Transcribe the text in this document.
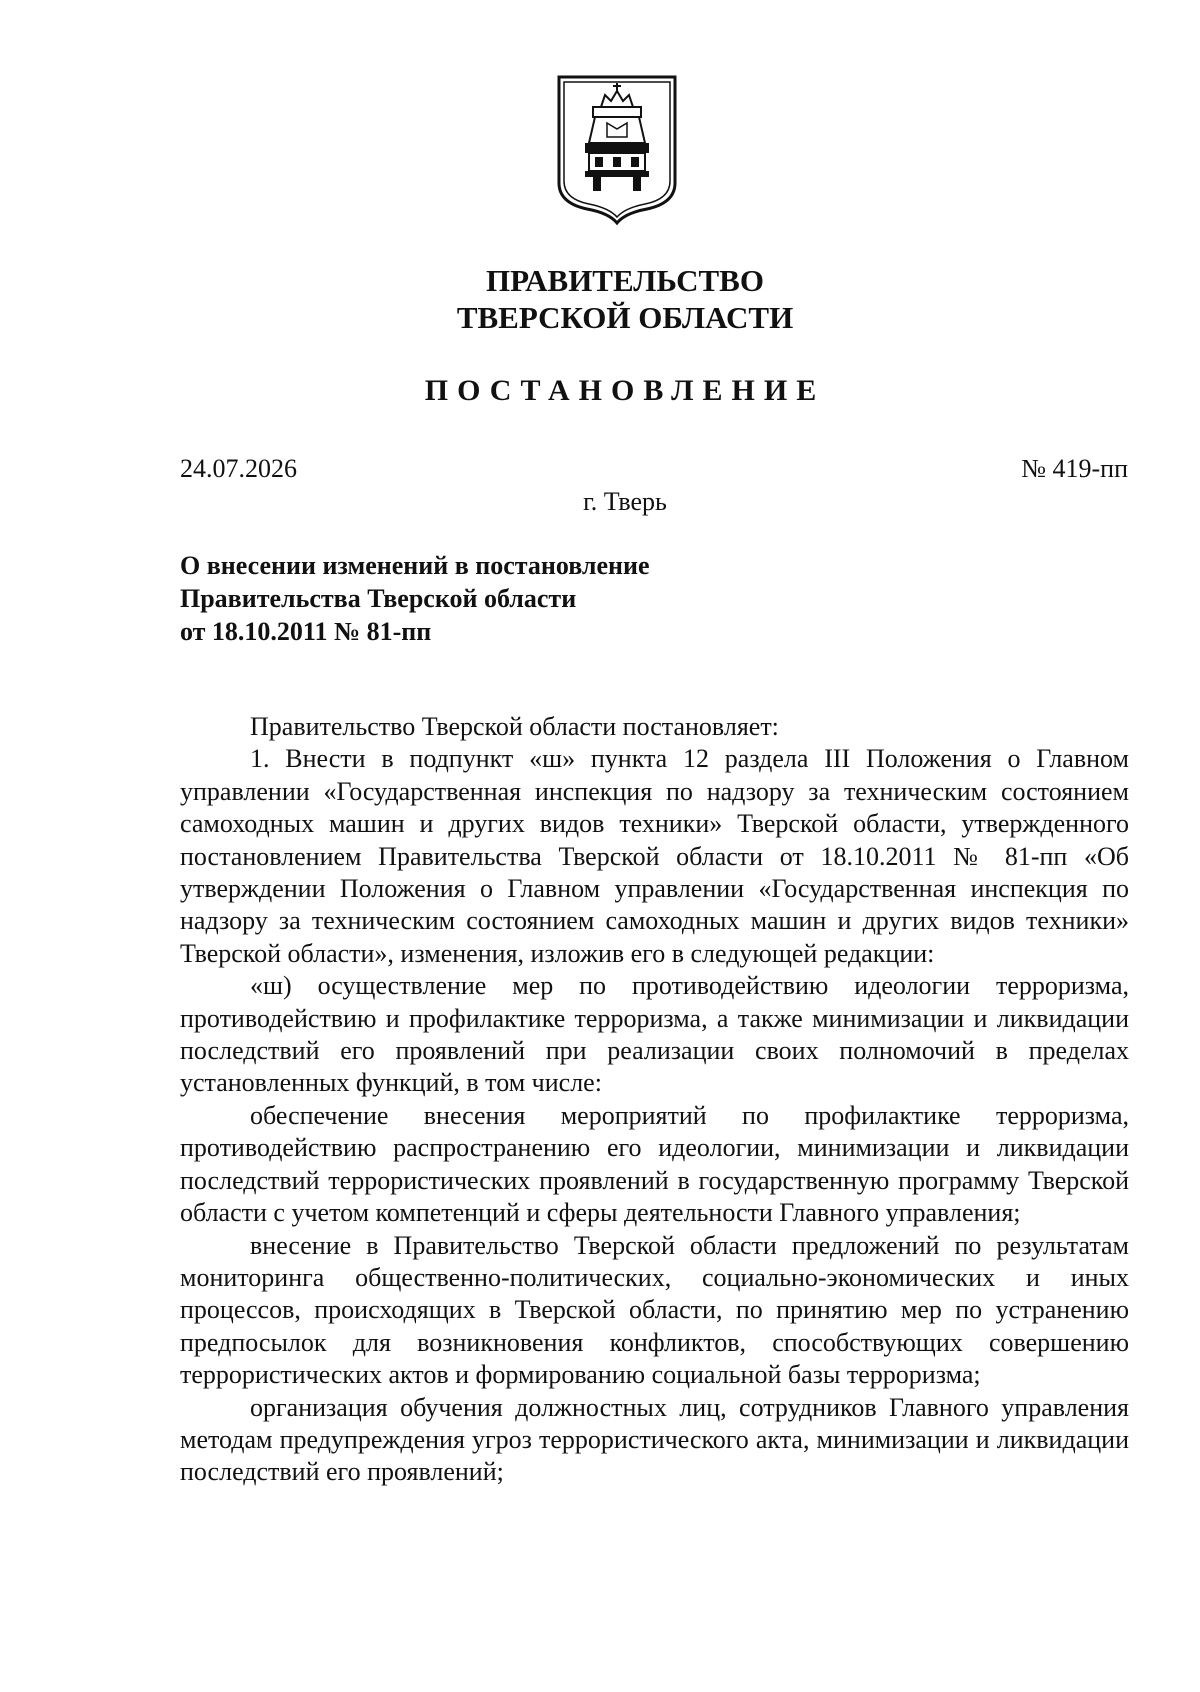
ПРАВИТЕЛЬСТВО
ТВЕРСКОЙ ОБЛАСТИ
ПОСТАНОВЛЕНИЕ
24.07.2026	№ 419-пп
г. Тверь
О внесении изменений в постановление
Правительства Тверской области
от 18.10.2011 № 81-пп

Правительство Тверской области постановляет:

1. Внести в подпункт «ш» пункта 12 раздела III Положения о Главном управлении «Государственная инспекция по надзору за техническим состоянием самоходных машин и других видов техники» Тверской области, утвержденного постановлением Правительства Тверской области от 18.10.2011 № 81-пп «Об утверждении Положения о Главном управлении «Государственная инспекция по надзору за техническим состоянием самоходных машин и других видов техники» Тверской области», изменения, изложив его в следующей редакции:

«ш) осуществление мер по противодействию идеологии терроризма, противодействию и профилактике терроризма, а также минимизации и ликвидации последствий его проявлений при реализации своих полномочий в пределах установленных функций, в том числе:

обеспечение внесения мероприятий по профилактике терроризма, противодействию распространению его идеологии, минимизации и ликвидации последствий террористических проявлений в государственную программу Тверской области с учетом компетенций и сферы деятельности Главного управления;

внесение в Правительство Тверской области предложений по результатам мониторинга общественно-политических, социально-экономических и иных процессов, происходящих в Тверской области, по принятию мер по устранению предпосылок для возникновения конфликтов, способствующих совершению террористических актов и формированию социальной базы терроризма;

организация обучения должностных лиц, сотрудников Главного управления методам предупреждения угроз террористического акта, минимизации и ликвидации последствий его проявлений;
